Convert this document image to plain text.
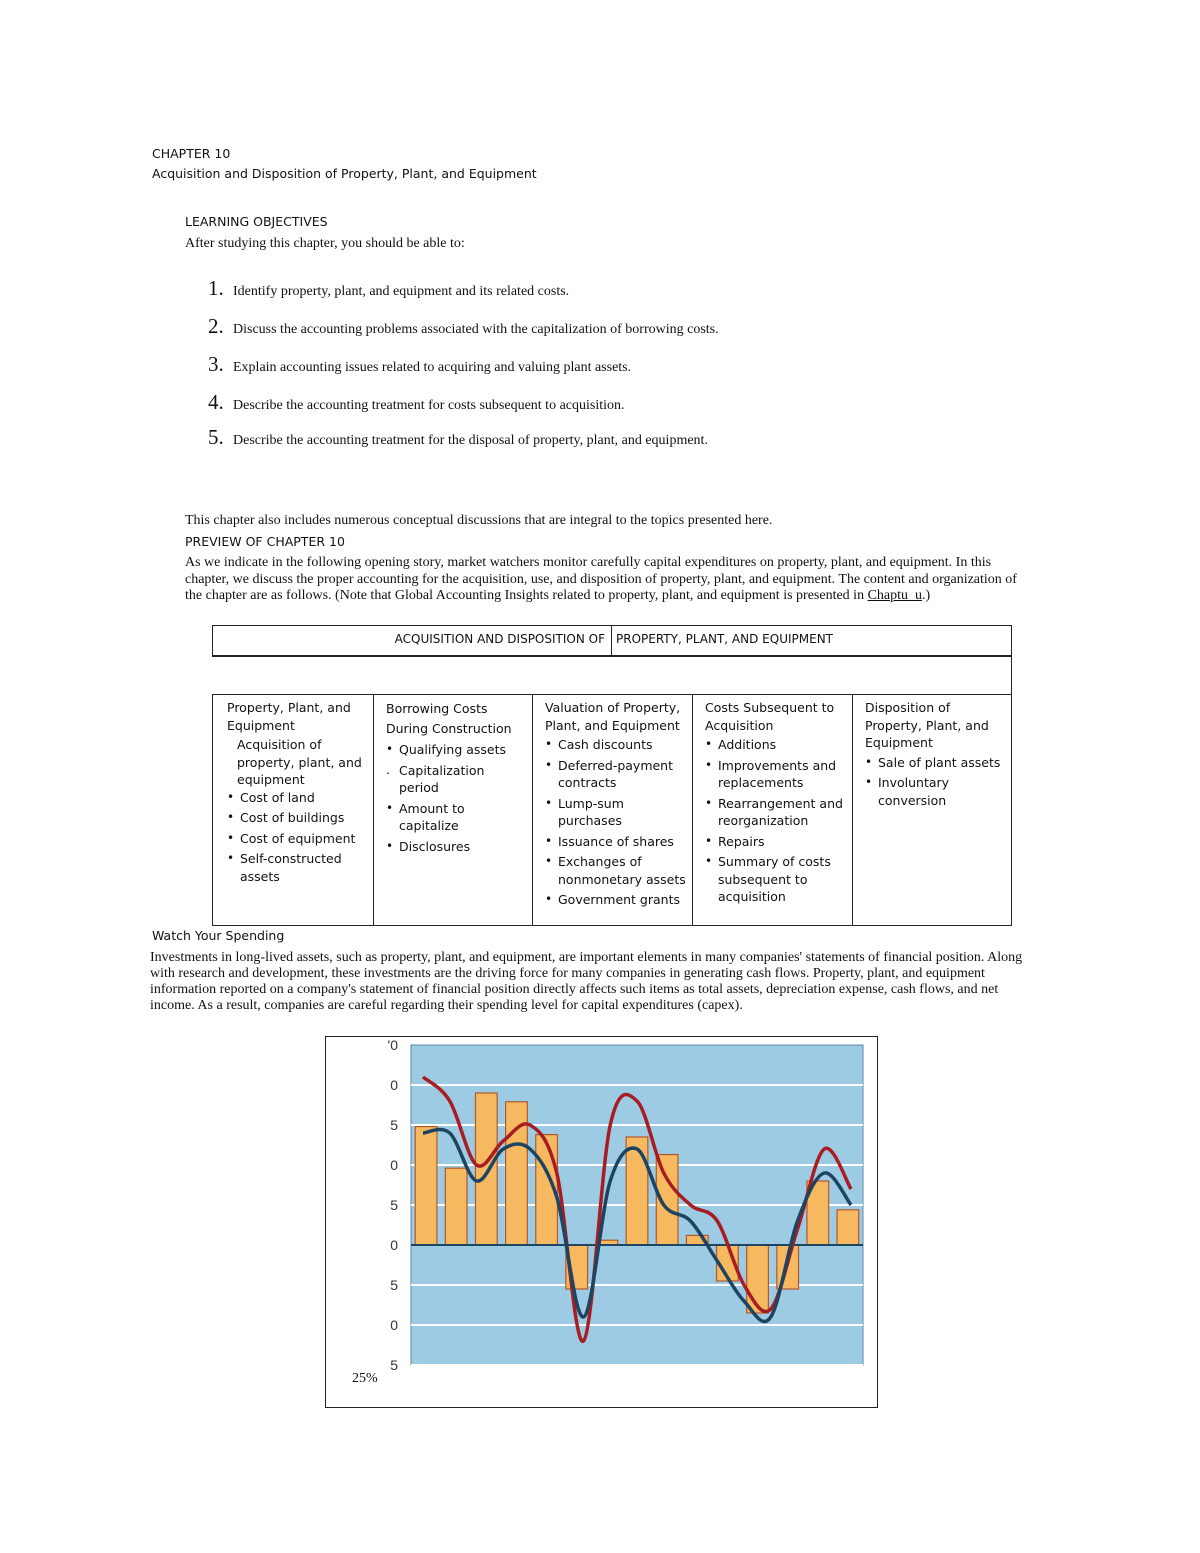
CHAPTER 10
Acquisition and Disposition of Property, Plant, and Equipment
LEARNING OBJECTIVES
After studying this chapter, you should be able to:
1. Identify property, plant, and equipment and its related costs.
2. Discuss the accounting problems associated with the capitalization of borrowing costs.
3. Explain accounting issues related to acquiring and valuing plant assets.
4. Describe the accounting treatment for costs subsequent to acquisition.
5. Describe the accounting treatment for the disposal of property, plant, and equipment.
This chapter also includes numerous conceptual discussions that are integral to the topics presented here.
PREVIEW OF CHAPTER 10
As we indicate in the following opening story, market watchers monitor carefully capital expenditures on property, plant, and equipment. In this chapter, we discuss the proper accounting for the acquisition, use, and disposition of property, plant, and equipment. The content and organization of the chapter are as follows. (Note that Global Accounting Insights related to property, plant, and equipment is presented in Chaptu_u.)
ACQUISITION AND DISPOSITION OF PROPERTY, PLANT, AND EQUIPMENT
Property, Plant, and Equipment
Acquisition of property, plant, and equipment
• Cost of land
• Cost of buildings
• Cost of equipment
• Self-constructed assets
Borrowing Costs During Construction
• Qualifying assets
. Capitalization period
• Amount to capitalize
• Disclosures
Valuation of Property, Plant, and Equipment
• Cash discounts
• Deferred-payment contracts
• Lump-sum purchases
• Issuance of shares
• Exchanges of nonmonetary assets
• Government grants
Costs Subsequent to Acquisition
• Additions
• Improvements and replacements
• Rearrangement and reorganization
• Repairs
• Summary of costs subsequent to acquisition
Disposition of Property, Plant, and Equipment
• Sale of plant assets
• Involuntary conversion
Watch Your Spending
Investments in long-lived assets, such as property, plant, and equipment, are important elements in many companies' statements of financial position. Along with research and development, these investments are the driving force for many companies in generating cash flows. Property, plant, and equipment information reported on a company's statement of financial position directly affects such items as total assets, depreciation expense, cash flows, and net income. As a result, companies are careful regarding their spending level for capital expenditures (capex).
'0
0
5
0
5
0
5
0
5
25%
